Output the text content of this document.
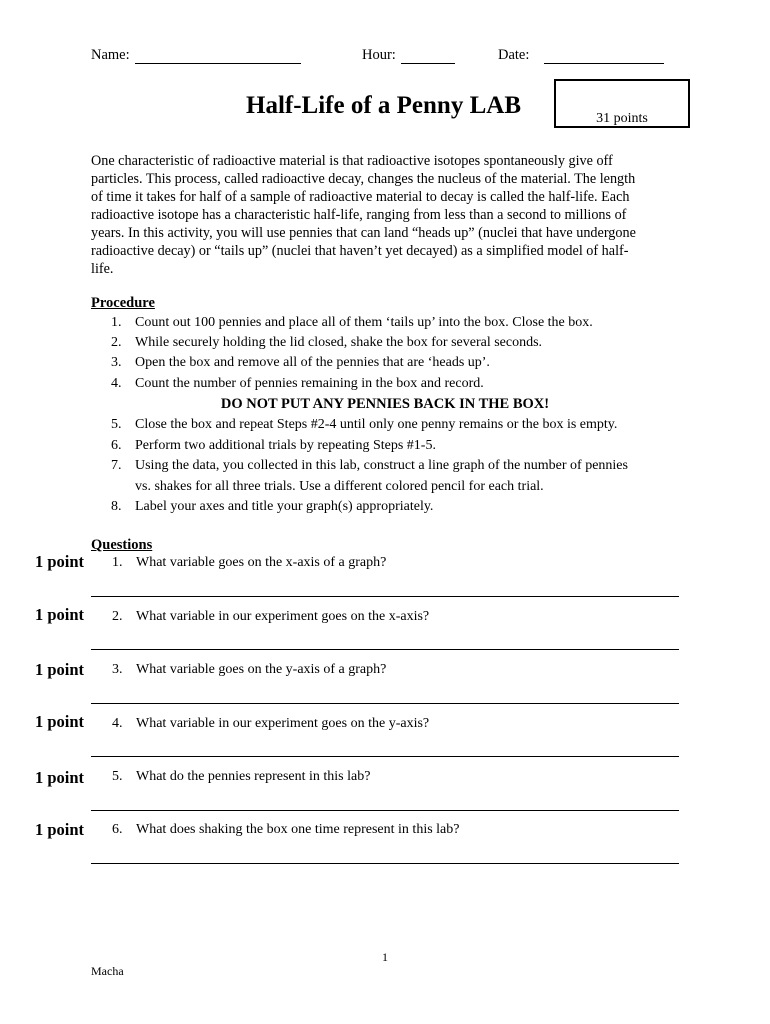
Name:	Hour:	Date:
Half-Life of a Penny LAB	31 points
One characteristic of radioactive material is that radioactive isotopes spontaneously give off
particles. This process, called radioactive decay, changes the nucleus of the material. The length
of time it takes for half of a sample of radioactive material to decay is called the half-life. Each
radioactive isotope has a characteristic half-life, ranging from less than a second to millions of
years. In this activity, you will use pennies that can land “heads up” (nuclei that have undergone
radioactive decay) or “tails up” (nuclei that haven’t yet decayed) as a simplified model of half-
life.
Procedure
1. Count out 100 pennies and place all of them ‘tails up’ into the box. Close the box.
2. While securely holding the lid closed, shake the box for several seconds.
3. Open the box and remove all of the pennies that are ‘heads up’.
4. Count the number of pennies remaining in the box and record.
DO NOT PUT ANY PENNIES BACK IN THE BOX!
5. Close the box and repeat Steps #2-4 until only one penny remains or the box is empty.
6. Perform two additional trials by repeating Steps #1-5.
7. Using the data, you collected in this lab, construct a line graph of the number of pennies
vs. shakes for all three trials. Use a different colored pencil for each trial.
8. Label your axes and title your graph(s) appropriately.
Questions
1 point 1. What variable goes on the x-axis of a graph?
1 point 2. What variable in our experiment goes on the x-axis?
1 point 3. What variable goes on the y-axis of a graph?
1 point 4. What variable in our experiment goes on the y-axis?
1 point 5. What do the pennies represent in this lab?
1 point 6. What does shaking the box one time represent in this lab?
1
Macha
